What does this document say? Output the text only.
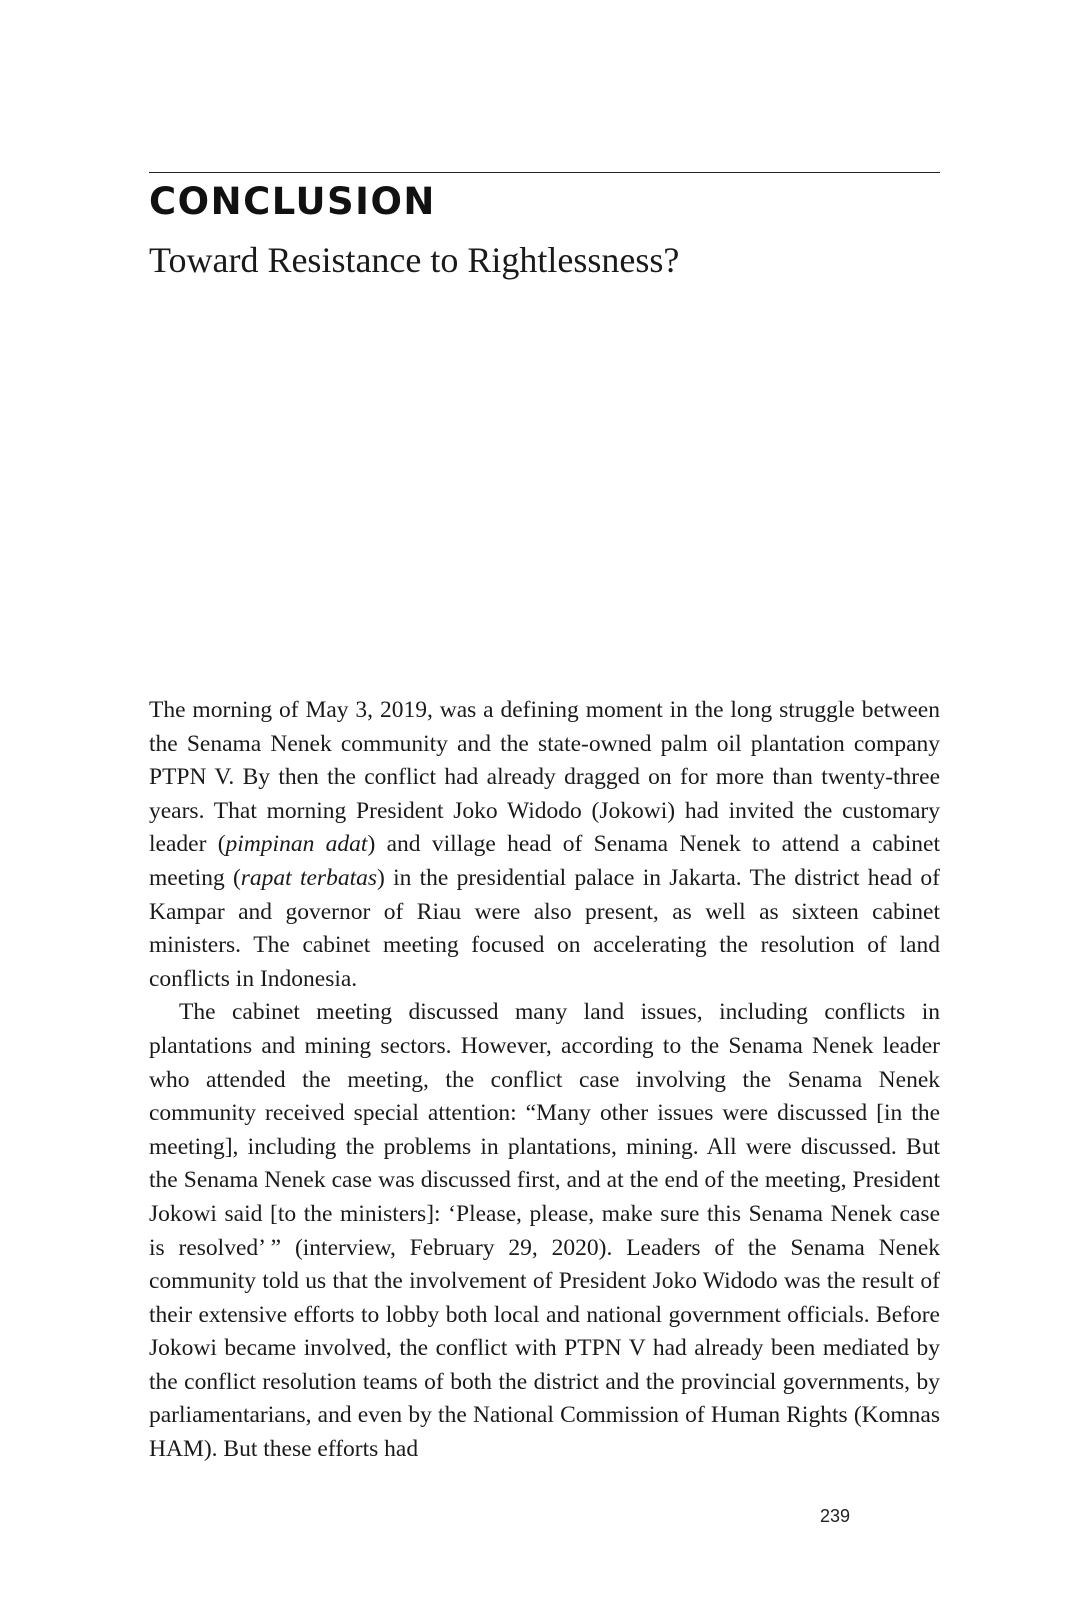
CONCLUSION
Toward Resistance to Rightlessness?

The morning of May 3, 2019, was a defining moment in the long struggle between the Senama Nenek community and the state-owned palm oil plantation company PTPN V. By then the conflict had already dragged on for more than twenty-three years. That morning President Joko Widodo (Jokowi) had invited the customary leader (pimpinan adat) and village head of Senama Nenek to attend a cabinet meeting (rapat terbatas) in the presidential palace in Jakarta. The district head of Kampar and governor of Riau were also present, as well as sixteen cabinet ministers. The cabinet meeting focused on accelerating the resolution of land conflicts in Indonesia.

The cabinet meeting discussed many land issues, including conflicts in plantations and mining sectors. However, according to the Senama Nenek leader who attended the meeting, the conflict case involving the Senama Nenek community received special attention: “Many other issues were discussed [in the meeting], including the problems in plantations, mining. All were discussed. But the Senama Nenek case was discussed first, and at the end of the meeting, President Jokowi said [to the ministers]: ‘Please, please, make sure this Senama Nenek case is resolved’ ” (interview, February 29, 2020). Leaders of the Senama Nenek community told us that the involvement of President Joko Widodo was the result of their extensive efforts to lobby both local and national government officials. Before Jokowi became involved, the conflict with PTPN V had already been mediated by the conflict resolution teams of both the district and the provincial governments, by parliamentarians, and even by the National Commission of Human Rights (Komnas HAM). But these efforts had

239
